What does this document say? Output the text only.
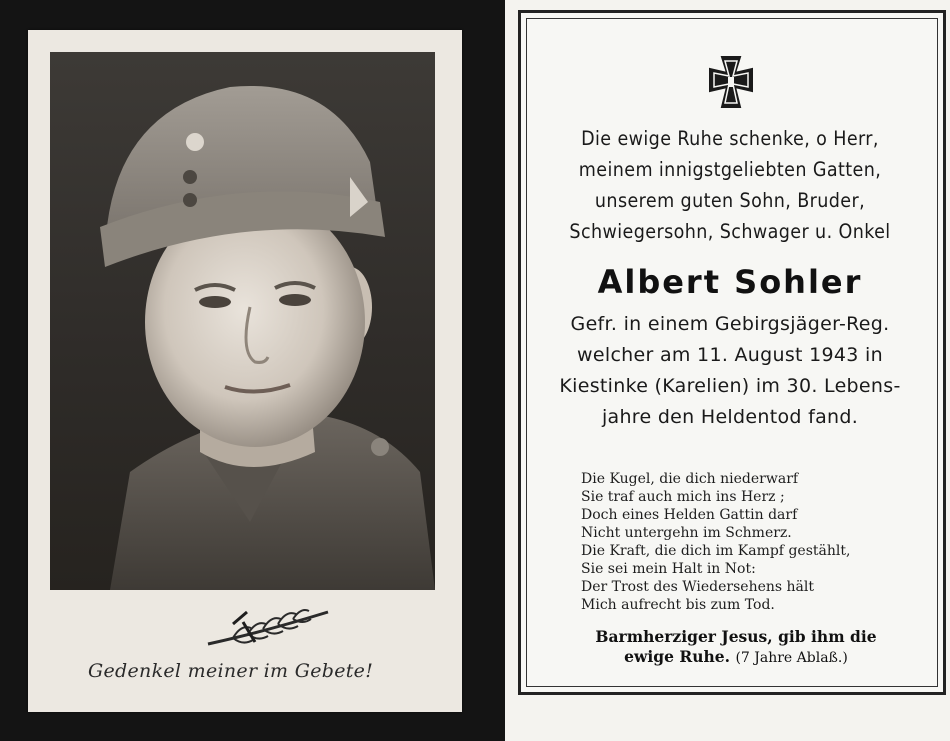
Gedenkel meiner im Gebete!
Die ewige Ruhe schenke, o Herr,
meinem innigstgeliebten Gatten,
unserem guten Sohn, Bruder,
Schwiegersohn, Schwager u. Onkel
Albert Sohler
Gefr. in einem Gebirgsjäger-Reg.
welcher am 11. August 1943 in
Kiestinke (Karelien) im 30. Lebens-
jahre den Heldentod fand.
Die Kugel, die dich niederwarf
Sie traf auch mich ins Herz ;
Doch eines Helden Gattin darf
Nicht untergehn im Schmerz.
Die Kraft, die dich im Kampf gestählt,
Sie sei mein Halt in Not:
Der Trost des Wiedersehens hält
Mich aufrecht bis zum Tod.
Barmherziger Jesus, gib ihm die
ewige Ruhe. (7 Jahre Ablaß.)
